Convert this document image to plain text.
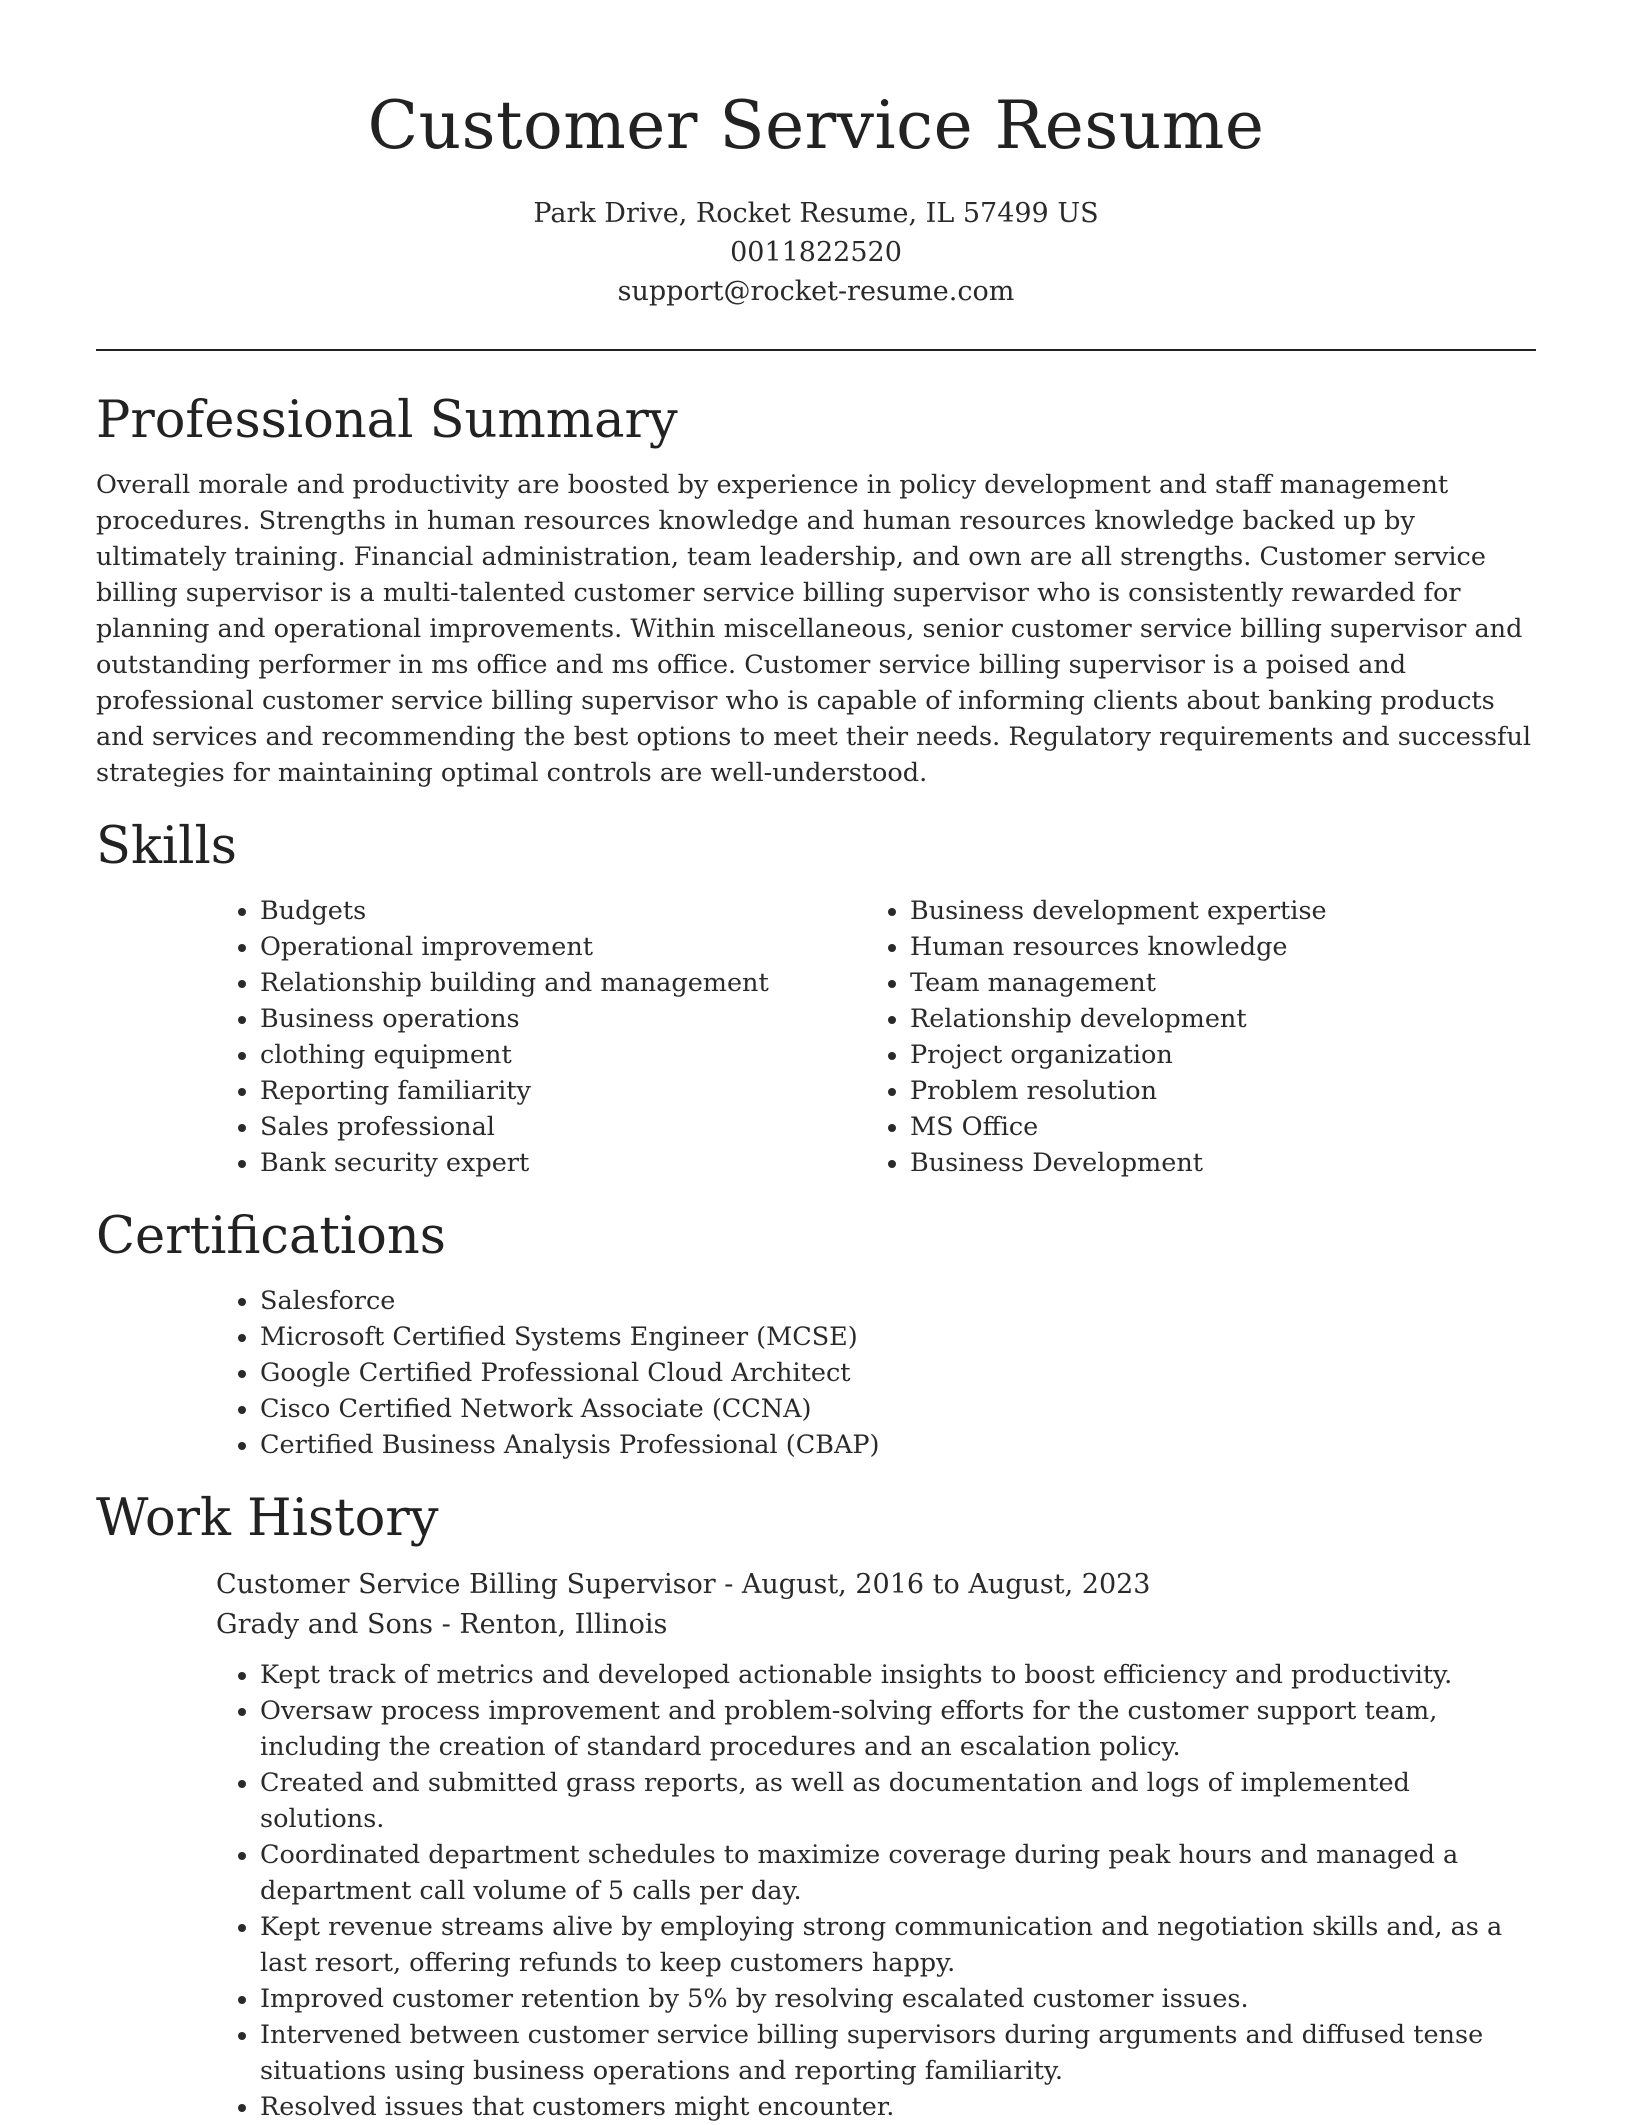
Customer Service Resume
Park Drive, Rocket Resume, IL 57499 US
0011822520
support@rocket-resume.com
Professional Summary

Overall morale and productivity are boosted by experience in policy development and staff management procedures. Strengths in human resources knowledge and human resources knowledge backed up by ultimately training. Financial administration, team leadership, and own are all strengths. Customer service billing supervisor is a multi-talented customer service billing supervisor who is consistently rewarded for planning and operational improvements. Within miscellaneous, senior customer service billing supervisor and outstanding performer in ms office and ms office. Customer service billing supervisor is a poised and professional customer service billing supervisor who is capable of informing clients about banking products and services and recommending the best options to meet their needs. Regulatory requirements and successful strategies for maintaining optimal controls are well-understood.

Skills
• Budgets
• Operational improvement
• Relationship building and management
• Business operations
• clothing equipment
• Reporting familiarity
• Sales professional
• Bank security expert
• Business development expertise
• Human resources knowledge
• Team management
• Relationship development
• Project organization
• Problem resolution
• MS Office
• Business Development
Certifications
• Salesforce
• Microsoft Certified Systems Engineer (MCSE)
• Google Certified Professional Cloud Architect
• Cisco Certified Network Associate (CCNA)
• Certified Business Analysis Professional (CBAP)
Work History
Customer Service Billing Supervisor - August, 2016 to August, 2023
Grady and Sons - Renton, Illinois
• Kept track of metrics and developed actionable insights to boost efficiency and productivity.
• Oversaw process improvement and problem-solving efforts for the customer support team, including the creation of standard procedures and an escalation policy.
• Created and submitted grass reports, as well as documentation and logs of implemented solutions.
• Coordinated department schedules to maximize coverage during peak hours and managed a department call volume of 5 calls per day.
• Kept revenue streams alive by employing strong communication and negotiation skills and, as a last resort, offering refunds to keep customers happy.
• Improved customer retention by 5% by resolving escalated customer issues.
• Intervened between customer service billing supervisors during arguments and diffused tense situations using business operations and reporting familiarity.
• Resolved issues that customers might encounter.
